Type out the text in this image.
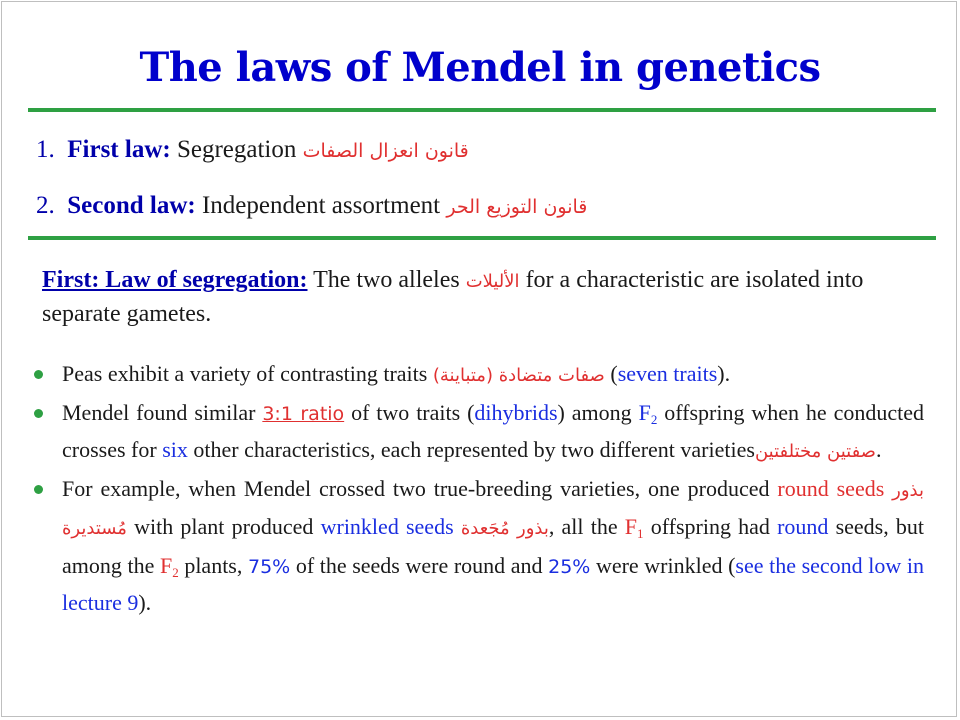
The laws of Mendel in genetics
1. First law: Segregation قانون انعزال الصفات
2. Second law: Independent assortment قانون التوزيع الحر

First: Law of segregation: The two alleles الأليلات for a characteristic are isolated into separate gametes.

Peas exhibit a variety of contrasting traits صفات متضادة (متباينة) (seven traits).
Mendel found similar 3:1 ratio of two traits (dihybrids) among $F_2$ offspring when he conducted crosses for six other characteristics, each represented by two different varietiesصفتين مختلفتين.
For example, when Mendel crossed two true-breeding varieties, one produced round seeds بذور مُستديرة with plant produced wrinkled seeds بذور مُجَعدة, all the $F_1$ offspring had round seeds, but among the $F_2$ plants, 75% of the seeds were round and 25% were wrinkled (see the second low in lecture 9).
